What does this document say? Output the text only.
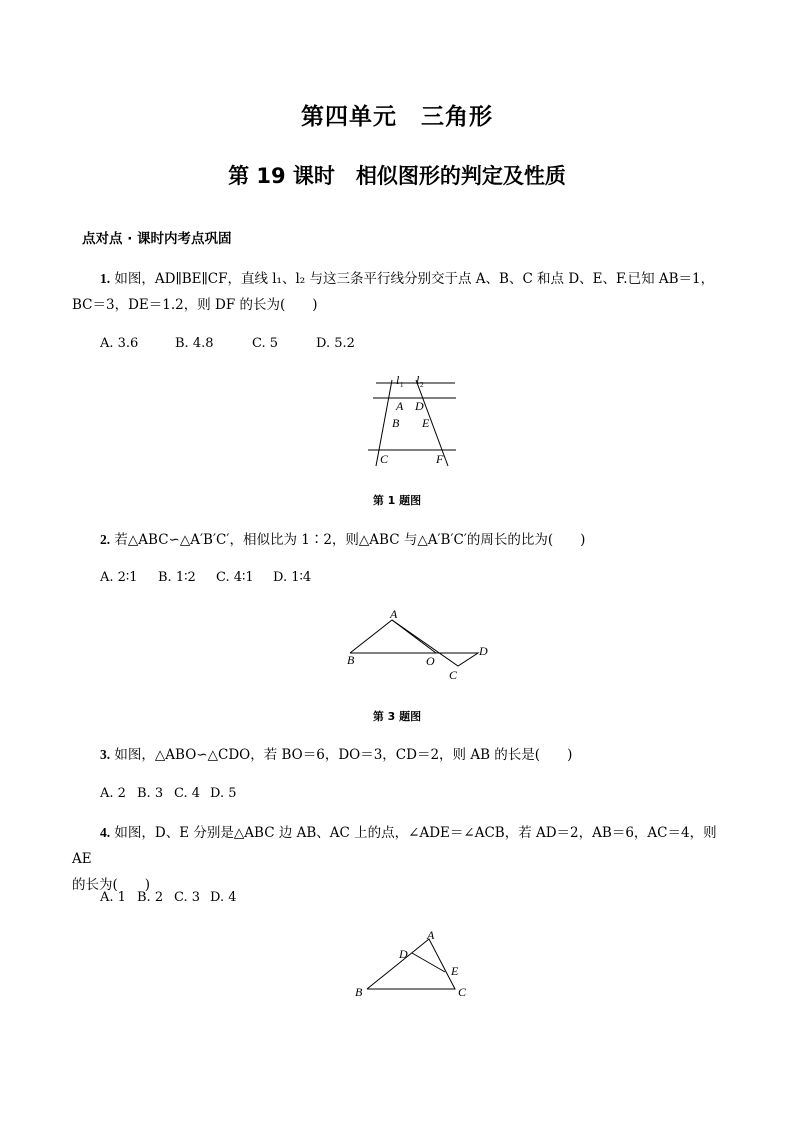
第四单元　三角形
第 19 课时　相似图形的判定及性质
点对点 · 课时内考点巩固
1. 如图，AD∥BE∥CF，直线 l₁、l₂ 与这三条平行线分别交于点 A、B、C 和点 D、E、F.已知 AB＝1，
BC＝3，DE＝1.2，则 DF 的长为(　　)
A. 3.6	B. 4.8	C. 5	D. 5.2
l 1 l 2
A D
B E
C	F
第 1 题图
2. 若△ABC∽△A′B′C′，相似比为 1∶2，则△ABC 与△A′B′C′的周长的比为(　　)
A. 2∶1 B. 1∶2 C. 4∶1 D. 1∶4
A
B	O
D
C
第 3 题图
3. 如图，△ABO∽△CDO，若 BO＝6，DO＝3，CD＝2，则 AB 的长是(　　)
A. 2 B. 3 C. 4 D. 5
4. 如图，D、E 分别是△ABC 边 AB、AC 上的点，∠ADE＝∠ACB，若 AD＝2，AB＝6，AC＝4，则 AE
的长为(　　)
A. 1 B. 2 C. 3 D. 4
A
B	C
D
E
